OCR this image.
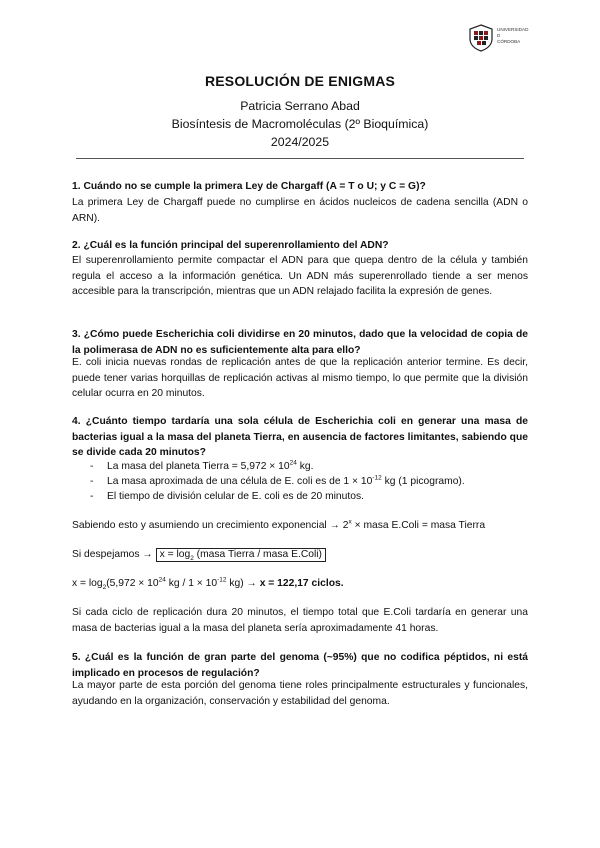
UNIVERSIDAD
D
CÓRDOBA
RESOLUCIÓN DE ENIGMAS
Patricia Serrano Abad
Biosíntesis de Macromoléculas (2º Bioquímica)
2024/2025
1. Cuándo no se cumple la primera Ley de Chargaff (A = T o U; y C = G)?
La primera Ley de Chargaff puede no cumplirse en ácidos nucleicos de cadena sencilla (ADN o ARN).
2. ¿Cuál es la función principal del superenrollamiento del ADN?
El superenrollamiento permite compactar el ADN para que quepa dentro de la célula y también regula el acceso a la información genética. Un ADN más superenrollado tiende a ser menos accesible para la transcripción, mientras que un ADN relajado facilita la expresión de genes.
3. ¿Cómo puede Escherichia coli dividirse en 20 minutos, dado que la velocidad de copia de la polimerasa de ADN no es suficientemente alta para ello?
E. coli inicia nuevas rondas de replicación antes de que la replicación anterior termine. Es decir, puede tener varias horquillas de replicación activas al mismo tiempo, lo que permite que la división celular ocurra en 20 minutos.
4. ¿Cuánto tiempo tardaría una sola célula de Escherichia coli en generar una masa de bacterias igual a la masa del planeta Tierra, en ausencia de factores limitantes, sabiendo que se divide cada 20 minutos?
- La masa del planeta Tierra = $5,972 \times 10^{24}$ kg.
- La masa aproximada de una célula de E. coli es de $1 \times 10^{-12}$ kg (1 picogramo).
- El tiempo de división celular de E. coli es de 20 minutos.
Sabiendo esto y asumiendo un crecimiento exponencial → $2^x$ × masa E.Coli = masa Tierra
Si despejamos → $x = \log_2$ (masa Tierra / masa E.Coli)
$x = \log_2(5,972 \times 10^{24}$ kg / $1 \times 10^{-12}$ kg) → x = 122,17 ciclos.
Si cada ciclo de replicación dura 20 minutos, el tiempo total que E.Coli tardaría en generar una masa de bacterias igual a la masa del planeta sería aproximadamente 41 horas.
5. ¿Cuál es la función de gran parte del genoma (~95%) que no codifica péptidos, ni está implicado en procesos de regulación?
La mayor parte de esta porción del genoma tiene roles principalmente estructurales y funcionales, ayudando en la organización, conservación y estabilidad del genoma.
